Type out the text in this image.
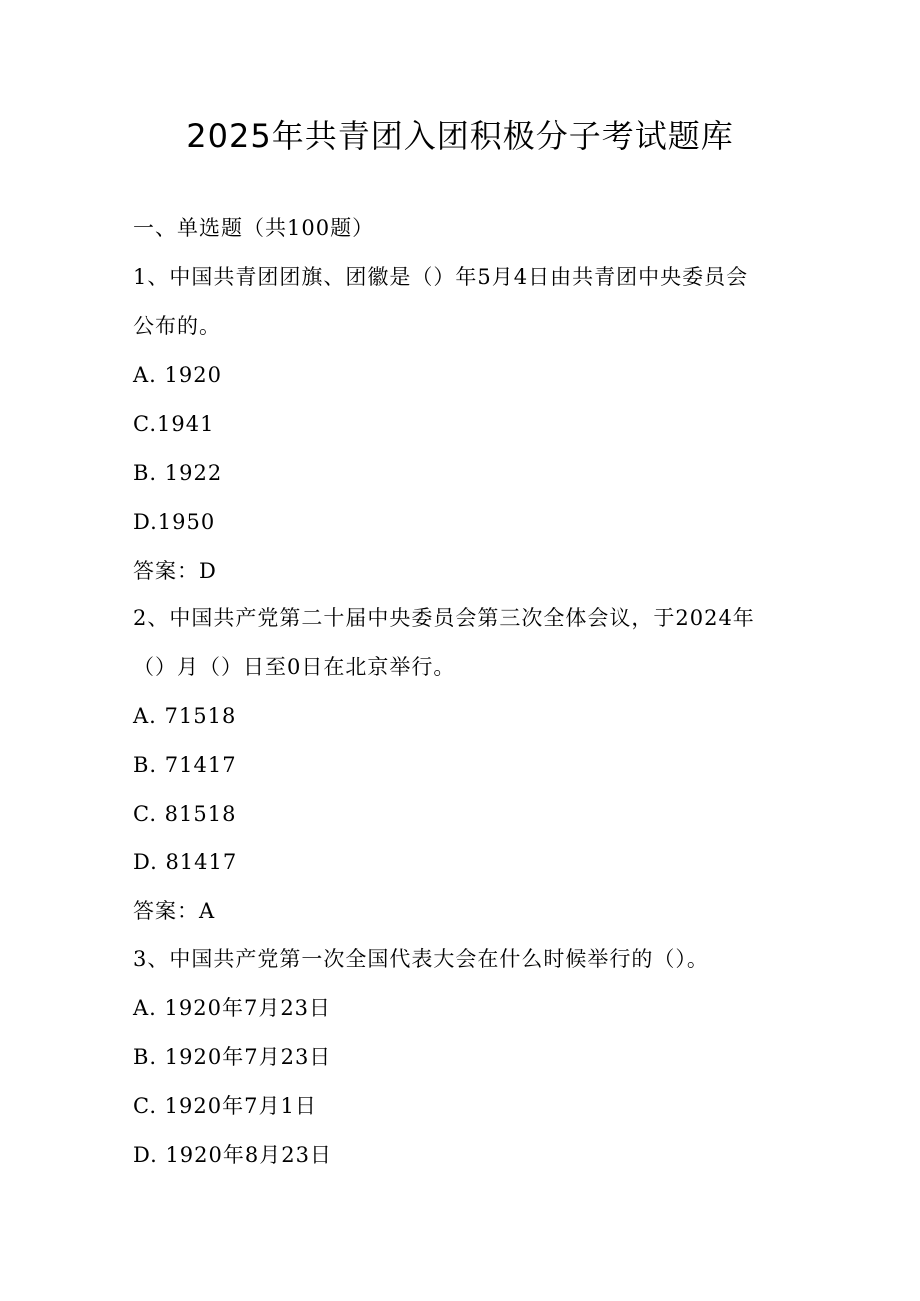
2025年共青团入团积极分子考试题库
一、单选题（共100题）
1、中国共青团团旗、团徽是（）年5月4日由共青团中央委员会
公布的。
A. 1920
C.1941
B. 1922
D.1950
答案：D
2、中国共产党第二十届中央委员会第三次全体会议，于2024年
（）月（）日至0日在北京举行。
A. 71518
B. 71417
C. 81518
D. 81417
答案：A
3、中国共产党第一次全国代表大会在什么时候举行的（）。
A. 1920年7月23日
B. 1920年7月23日
C. 1920年7月1日
D. 1920年8月23日
